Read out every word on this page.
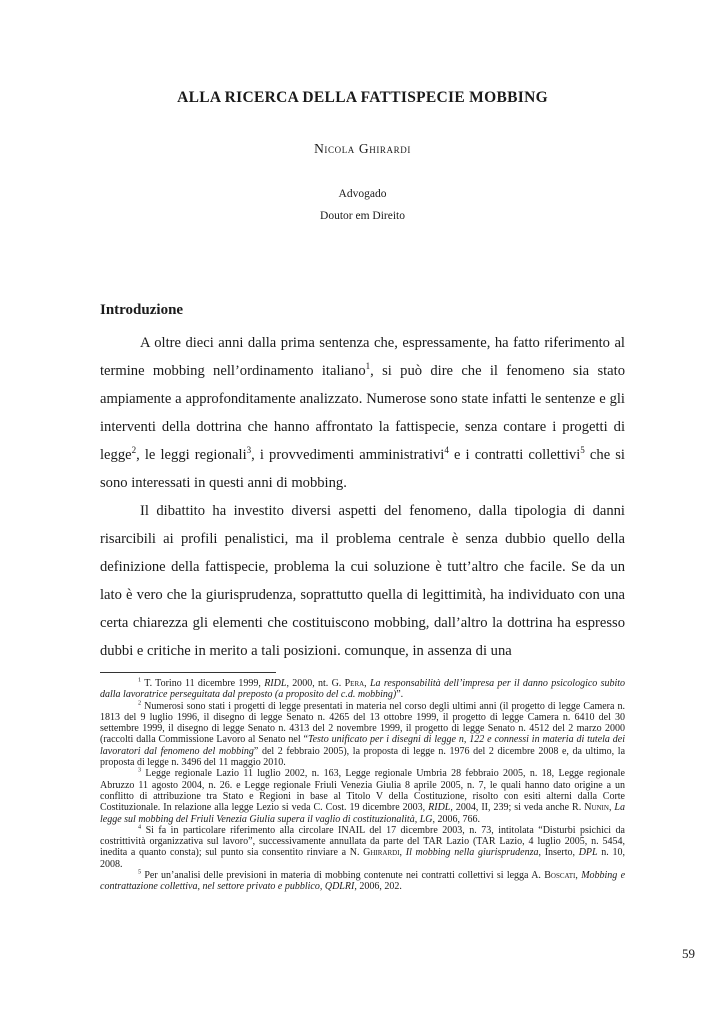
ALLA RICERCA DELLA FATTISPECIE MOBBING
Nicola Ghirardi
Advogado
Doutor em Direito
Introduzione

A oltre dieci anni dalla prima sentenza che, espressamente, ha fatto riferimento al termine mobbing nell’ordinamento italiano$^1$, si può dire che il fenomeno sia stato ampiamente a approfonditamente analizzato. Numerose sono state infatti le sentenze e gli interventi della dottrina che hanno affrontato la fattispecie, senza contare i progetti di legge$^2$, le leggi regionali$^3$, i provvedimenti amministrativi$^4$ e i contratti collettivi$^5$ che si sono interessati in questi anni di mobbing.

Il dibattito ha investito diversi aspetti del fenomeno, dalla tipologia di danni risarcibili ai profili penalistici, ma il problema centrale è senza dubbio quello della definizione della fattispecie, problema la cui soluzione è tutt’altro che facile. Se da un lato è vero che la giurisprudenza, soprattutto quella di legittimità, ha individuato con una certa chiarezza gli elementi che costituiscono mobbing, dall’altro la dottrina ha espresso dubbi e critiche in merito a tali posizioni. comunque, in assenza di una

$^1$ T. Torino 11 dicembre 1999, RIDL, 2000, nt. G. Pera, La responsabilità dell’impresa per il danno psicologico subito dalla lavoratrice perseguitata dal preposto (a proposito del c.d. mobbing)”.

$^2$ Numerosi sono stati i progetti di legge presentati in materia nel corso degli ultimi anni (il progetto di legge Camera n. 1813 del 9 luglio 1996, il disegno di legge Senato n. 4265 del 13 ottobre 1999, il progetto di legge Camera n. 6410 del 30 settembre 1999, il disegno di legge Senato n. 4313 del 2 novembre 1999, il progetto di legge Senato n. 4512 del 2 marzo 2000 (raccolti dalla Commissione Lavoro al Senato nel “Testo unificato per i disegni di legge n, 122 e connessi in materia di tutela dei lavoratori dal fenomeno del mobbing” del 2 febbraio 2005), la proposta di legge n. 1976 del 2 dicembre 2008 e, da ultimo, la proposta di legge n. 3496 del 11 maggio 2010.

$^3$ Legge regionale Lazio 11 luglio 2002, n. 163, Legge regionale Umbria 28 febbraio 2005, n. 18, Legge regionale Abruzzo 11 agosto 2004, n. 26. e Legge regionale Friuli Venezia Giulia 8 aprile 2005, n. 7, le quali hanno dato origine a un conflitto di attribuzione tra Stato e Regioni in base al Titolo V della Costituzione, risolto con esiti alterni dalla Corte Costituzionale. In relazione alla legge Lezio si veda C. Cost. 19 dicembre 2003, RIDL, 2004, II, 239; si veda anche R. Nunin, La legge sul mobbing del Friuli Venezia Giulia supera il vaglio di costituzionalità, LG, 2006, 766.

$^4$ Si fa in particolare riferimento alla circolare INAIL del 17 dicembre 2003, n. 73, intitolata “Disturbi psichici da costrittività organizzativa sul lavoro”, successivamente annullata da parte del TAR Lazio (TAR Lazio, 4 luglio 2005, n. 5454, inedita a quanto consta); sul punto sia consentito rinviare a N. Ghirardi, Il mobbing nella giurisprudenza, Inserto, DPL n. 10, 2008.

$^5$ Per un’analisi delle previsioni in materia di mobbing contenute nei contratti collettivi si legga A. Boscati, Mobbing e contrattazione collettiva, nel settore privato e pubblico, QDLRI, 2006, 202.

59
